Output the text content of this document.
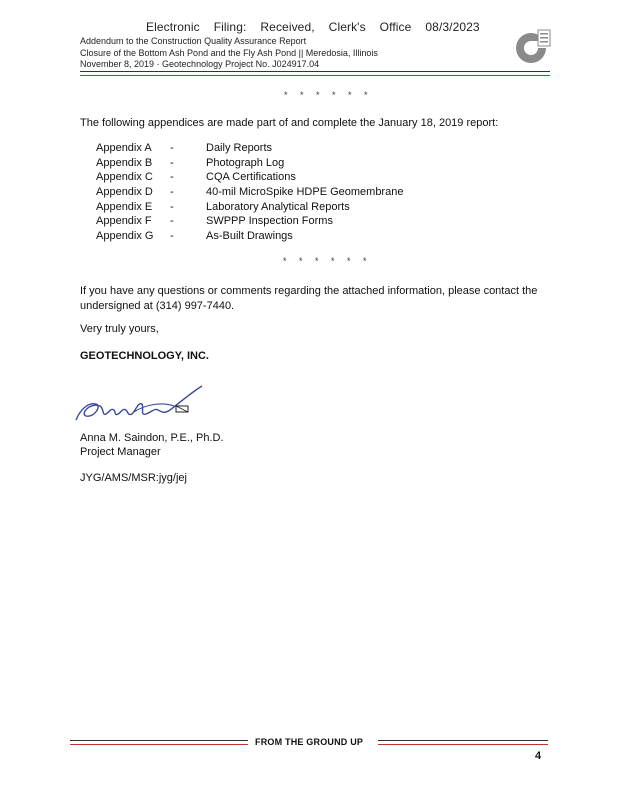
Electronic Filing: Received, Clerk's Office 08/3/2023
Addendum to the Construction Quality Assurance Report
Closure of the Bottom Ash Pond and the Fly Ash Pond || Meredosia, Illinois
November 8, 2019 · Geotechnology Project No. J024917.04
* * * * * *
The following appendices are made part of and complete the January 18, 2019 report:
Appendix A -	Daily Reports
Appendix B -	Photograph Log
Appendix C -	CQA Certifications
Appendix D -	40-mil MicroSpike HDPE Geomembrane
Appendix E -	Laboratory Analytical Reports
Appendix F -	SWPPP Inspection Forms
Appendix G -	As-Built Drawings
* * * * * *
If you have any questions or comments regarding the attached information, please contact the undersigned at (314) 997-7440.
Very truly yours,
GEOTECHNOLOGY, INC.
Anna M. Saindon, P.E., Ph.D.
Project Manager
JYG/AMS/MSR:jyg/jej
FROM THE GROUND UP
4
